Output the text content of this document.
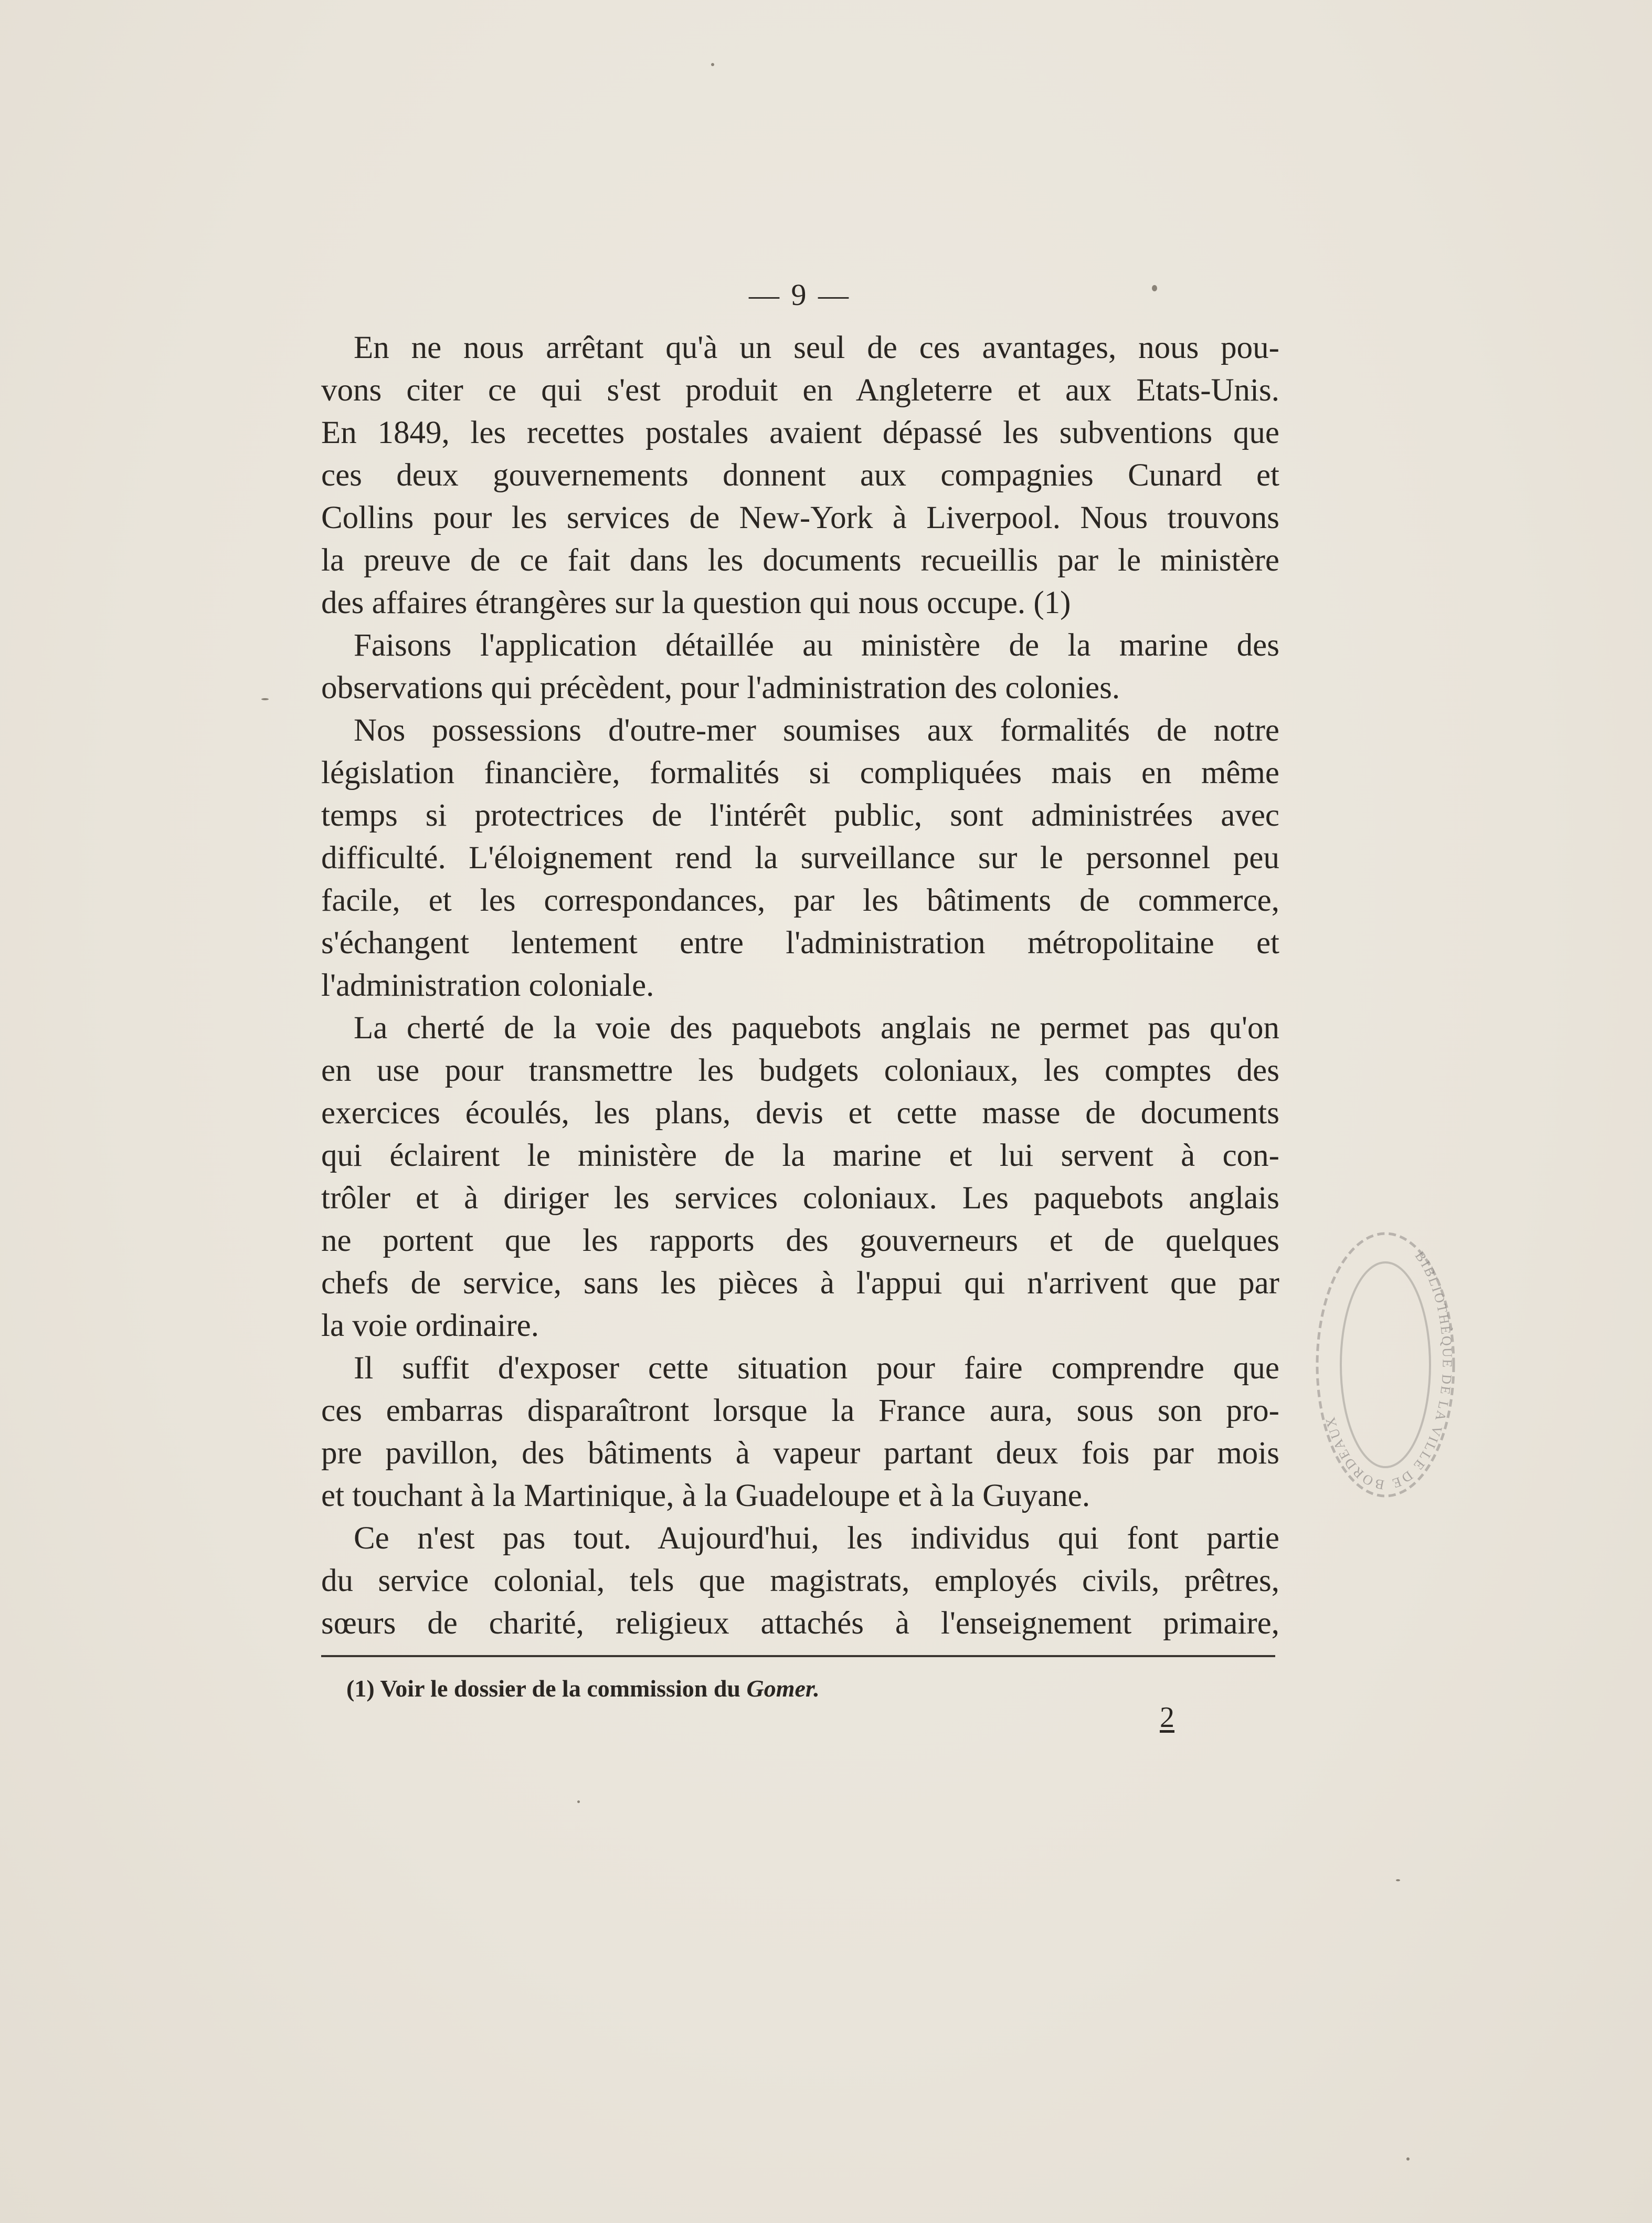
— 9 —
En ne nous arrêtant qu'à un seul de ces avantages, nous pou-
vons citer ce qui s'est produit en Angleterre et aux Etats-Unis.
En 1849, les recettes postales avaient dépassé les subventions que
ces deux gouvernements donnent aux compagnies Cunard et
Collins pour les services de New-York à Liverpool. Nous trouvons
la preuve de ce fait dans les documents recueillis par le ministère
des affaires étrangères sur la question qui nous occupe. (1)
Faisons l'application détaillée au ministère de la marine des
observations qui précèdent, pour l'administration des colonies.
Nos possessions d'outre-mer soumises aux formalités de notre
législation financière, formalités si compliquées mais en même
temps si protectrices de l'intérêt public, sont administrées avec
difficulté. L'éloignement rend la surveillance sur le personnel peu
facile, et les correspondances, par les bâtiments de commerce,
s'échangent lentement entre l'administration métropolitaine et
l'administration coloniale.
La cherté de la voie des paquebots anglais ne permet pas qu'on
en use pour transmettre les budgets coloniaux, les comptes des
exercices écoulés, les plans, devis et cette masse de documents
qui éclairent le ministère de la marine et lui servent à con-
trôler et à diriger les services coloniaux. Les paquebots anglais
ne portent que les rapports des gouverneurs et de quelques
chefs de service, sans les pièces à l'appui qui n'arrivent que par
la voie ordinaire.
Il suffit d'exposer cette situation pour faire comprendre que
ces embarras disparaîtront lorsque la France aura, sous son pro-
pre pavillon, des bâtiments à vapeur partant deux fois par mois
et touchant à la Martinique, à la Guadeloupe et à la Guyane.
Ce n'est pas tout. Aujourd'hui, les individus qui font partie
du service colonial, tels que magistrats, employés civils, prêtres,
sœurs de charité, religieux attachés à l'enseignement primaire,
(1) Voir le dossier de la commission du Gomer.
2
BIBLIOTHÈQUE DE LA VILLE DE BORDEAUX
